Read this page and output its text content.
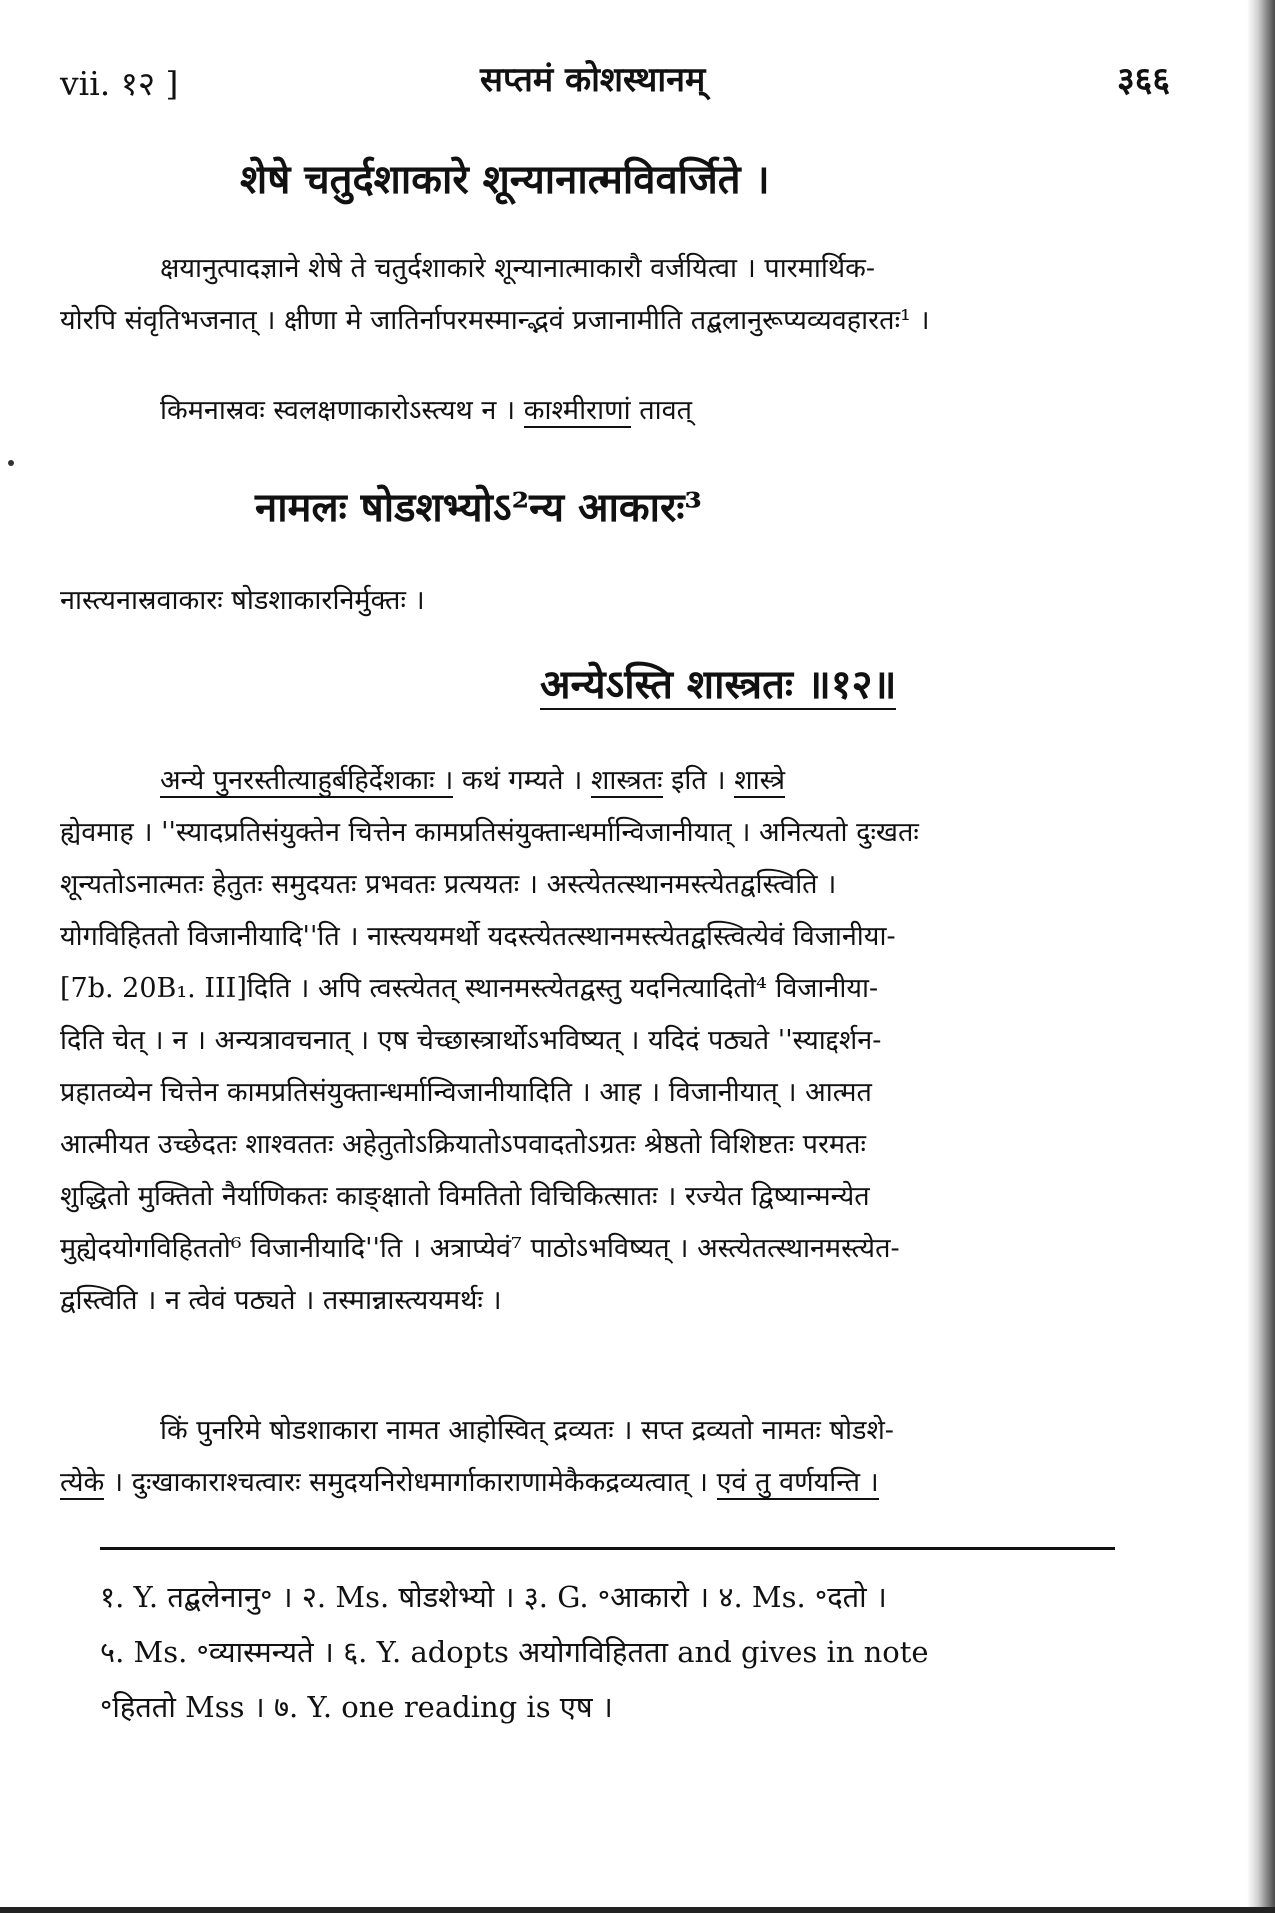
vii. १२ ]	सप्तमं कोशस्थानम्	३६६
शेषे चतुर्दशाकारे शून्यानात्मविवर्जिते ।
क्षयानुत्पादज्ञाने शेषे ते चतुर्दशाकारे शून्यानात्माकारौ वर्जयित्वा । पारमार्थिक-
योरपि संवृतिभजनात् । क्षीणा मे जातिर्नापरमस्मान्द्भवं प्रजानामीति तद्बलानुरूप्यव्यवहारतः¹ ।
किमनास्रवः स्वलक्षणाकारोऽस्त्यथ न । काश्मीराणां तावत्
नामलः षोडशभ्योऽ²न्य आकारः³
नास्त्यनास्रवाकारः षोडशाकारनिर्मुक्तः ।
अन्येऽस्ति शास्त्रतः ॥१२॥
अन्ये पुनरस्तीत्याहुर्बहिर्देशकाः । कथं गम्यते । शास्त्रतः इति । शास्त्रे
ह्येवमाह । ''स्यादप्रतिसंयुक्तेन चित्तेन कामप्रतिसंयुक्तान्धर्मान्विजानीयात् । अनित्यतो दुःखतः
शून्यतोऽनात्मतः हेतुतः समुदयतः प्रभवतः प्रत्ययतः । अस्त्येतत्स्थानमस्त्येतद्वस्त्विति ।
योगविहिततो विजानीयादि''ति । नास्त्ययमर्थो यदस्त्येतत्स्थानमस्त्येतद्वस्त्वित्येवं विजानीया-
[7b. 20B₁. III]दिति । अपि त्वस्त्येतत् स्थानमस्त्येतद्वस्तु यदनित्यादितो⁴ विजानीया-
दिति चेत् । न । अन्यत्रावचनात् । एष चेच्छास्त्रार्थोऽभविष्यत् । यदिदं पठ्यते ''स्याद्दर्शन-
प्रहातव्येन चित्तेन कामप्रतिसंयुक्तान्धर्मान्विजानीयादिति । आह । विजानीयात् । आत्मत
आत्मीयत उच्छेदतः शाश्वततः अहेतुतोऽक्रियातोऽपवादतोऽग्रतः श्रेष्ठतो विशिष्टतः परमतः
शुद्धितो मुक्तितो नैर्याणिकतः काङ्क्षातो विमतितो विचिकित्सातः । रज्येत द्विष्यान्मन्येत
मुह्येदयोगविहिततो⁶ विजानीयादि''ति । अत्राप्येवं⁷ पाठोऽभविष्यत् । अस्त्येतत्स्थानमस्त्येत-
द्वस्त्विति । न त्वेवं पठ्यते । तस्मान्नास्त्ययमर्थः ।
किं पुनरिमे षोडशाकारा नामत आहोस्वित् द्रव्यतः । सप्त द्रव्यतो नामतः षोडशे-
त्येके । दुःखाकाराश्चत्वारः समुदयनिरोधमार्गाकाराणामेकैकद्रव्यत्वात् । एवं तु वर्णयन्ति ।
१. Y. तद्बलेनानु॰ । २. Ms. षोडशेभ्यो । ३. G. ॰आकारो । ४. Ms. ॰दतो ।
५. Ms. ॰व्यास्मन्यते । ६. Y. adopts अयोगविहितता and gives in note
॰हिततो Mss । ७. Y. one reading is एष ।
